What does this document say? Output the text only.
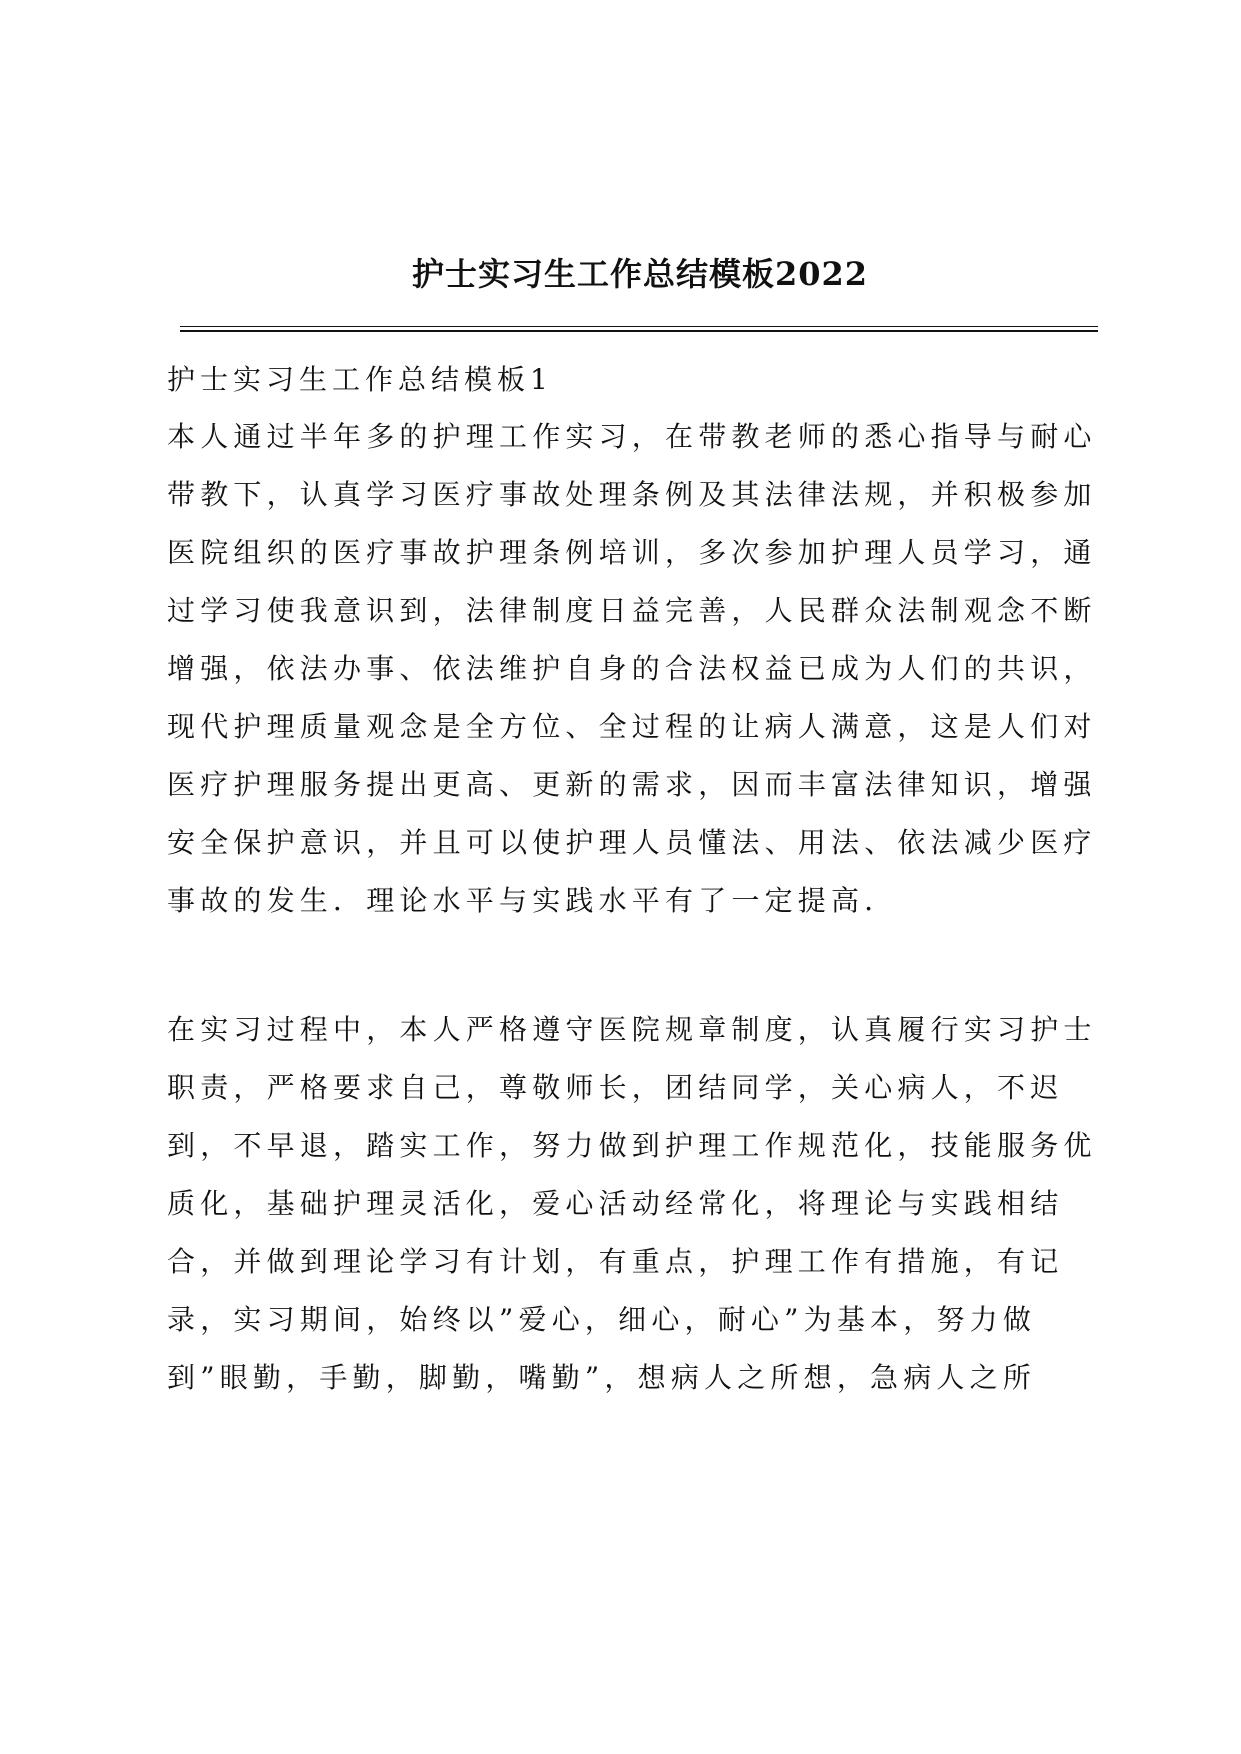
护士实习生工作总结模板2022
护士实习生工作总结模板1

本人通过半年多的护理工作实习，在带教老师的悉心指导与耐心

带教下，认真学习医疗事故处理条例及其法律法规，并积极参加

医院组织的医疗事故护理条例培训，多次参加护理人员学习，通

过学习使我意识到，法律制度日益完善，人民群众法制观念不断

增强，依法办事、依法维护自身的合法权益已成为人们的共识，

现代护理质量观念是全方位、全过程的让病人满意，这是人们对

医疗护理服务提出更高、更新的需求，因而丰富法律知识，增强

安全保护意识，并且可以使护理人员懂法、用法、依法减少医疗

事故的发生．理论水平与实践水平有了一定提高．

在实习过程中，本人严格遵守医院规章制度，认真履行实习护士

职责，严格要求自己，尊敬师长，团结同学，关心病人，不迟

到，不早退，踏实工作，努力做到护理工作规范化，技能服务优

质化，基础护理灵活化，爱心活动经常化，将理论与实践相结

合，并做到理论学习有计划，有重点，护理工作有措施，有记

录，实习期间，始终以”爱心，细心，耐心”为基本，努力做

到”眼勤，手勤，脚勤，嘴勤”，想病人之所想，急病人之所
